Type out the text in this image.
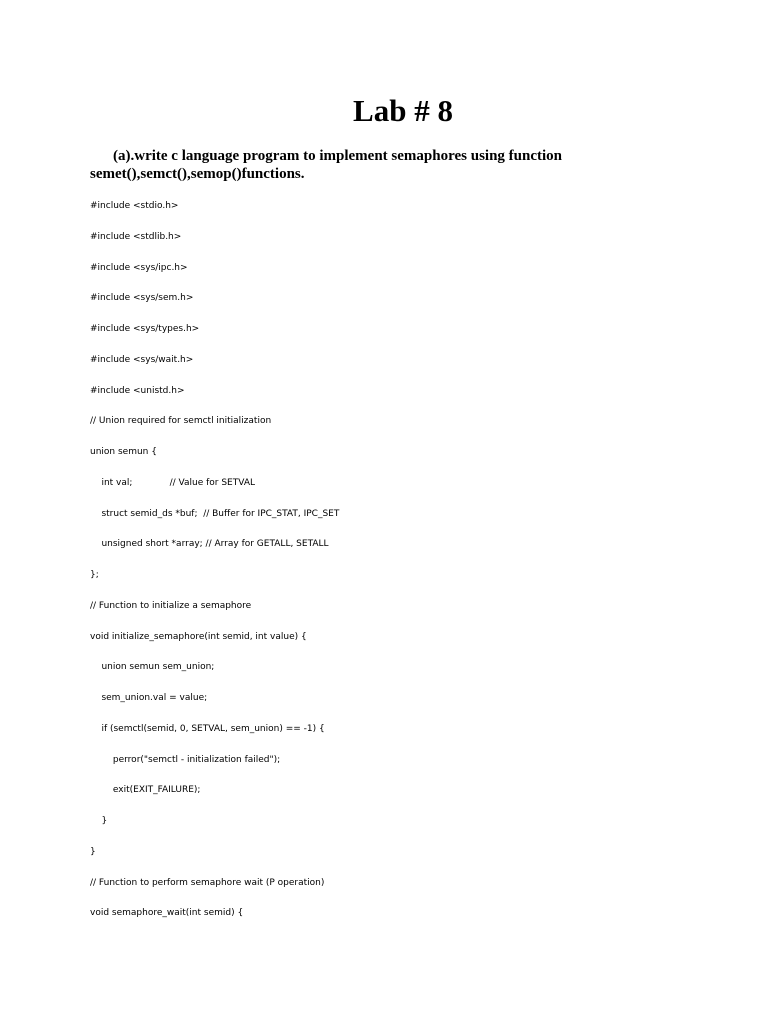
Lab # 8

(a).write c language program to implement semaphores using function
semet(),semct(),semop()functions.

#include <stdio.h>
#include <stdlib.h>
#include <sys/ipc.h>
#include <sys/sem.h>
#include <sys/types.h>
#include <sys/wait.h>
#include <unistd.h>
// Union required for semctl initialization
union semun {
int val;             // Value for SETVAL
struct semid_ds *buf;  // Buffer for IPC_STAT, IPC_SET
unsigned short *array; // Array for GETALL, SETALL
};
// Function to initialize a semaphore
void initialize_semaphore(int semid, int value) {
union semun sem_union;
sem_union.val = value;
if (semctl(semid, 0, SETVAL, sem_union) == -1) {
perror("semctl - initialization failed");
exit(EXIT_FAILURE);
}
}
// Function to perform semaphore wait (P operation)
void semaphore_wait(int semid) {
